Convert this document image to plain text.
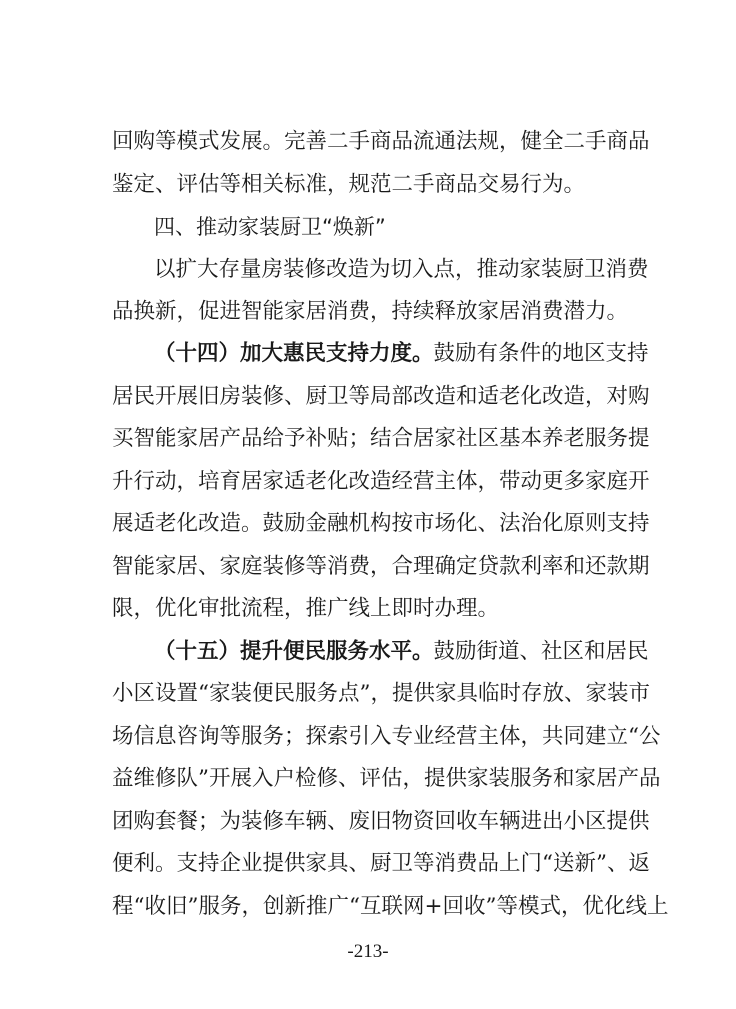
回购等模式发展。完善二手商品流通法规，健全二手商品
鉴定、评估等相关标准，规范二手商品交易行为。
四、推动家装厨卫“焕新”
以扩大存量房装修改造为切入点，推动家装厨卫消费
品换新，促进智能家居消费，持续释放家居消费潜力。
（十四）加大惠民支持力度。鼓励有条件的地区支持
居民开展旧房装修、厨卫等局部改造和适老化改造，对购
买智能家居产品给予补贴；结合居家社区基本养老服务提
升行动，培育居家适老化改造经营主体，带动更多家庭开
展适老化改造。鼓励金融机构按市场化、法治化原则支持
智能家居、家庭装修等消费，合理确定贷款利率和还款期
限，优化审批流程，推广线上即时办理。
（十五）提升便民服务水平。鼓励街道、社区和居民
小区设置“家装便民服务点”，提供家具临时存放、家装市
场信息咨询等服务；探索引入专业经营主体，共同建立“公
益维修队”开展入户检修、评估，提供家装服务和家居产品
团购套餐；为装修车辆、废旧物资回收车辆进出小区提供
便利。支持企业提供家具、厨卫等消费品上门“送新”、返
程“收旧”服务，创新推广“互联网+回收”等模式，优化线上
-213-
